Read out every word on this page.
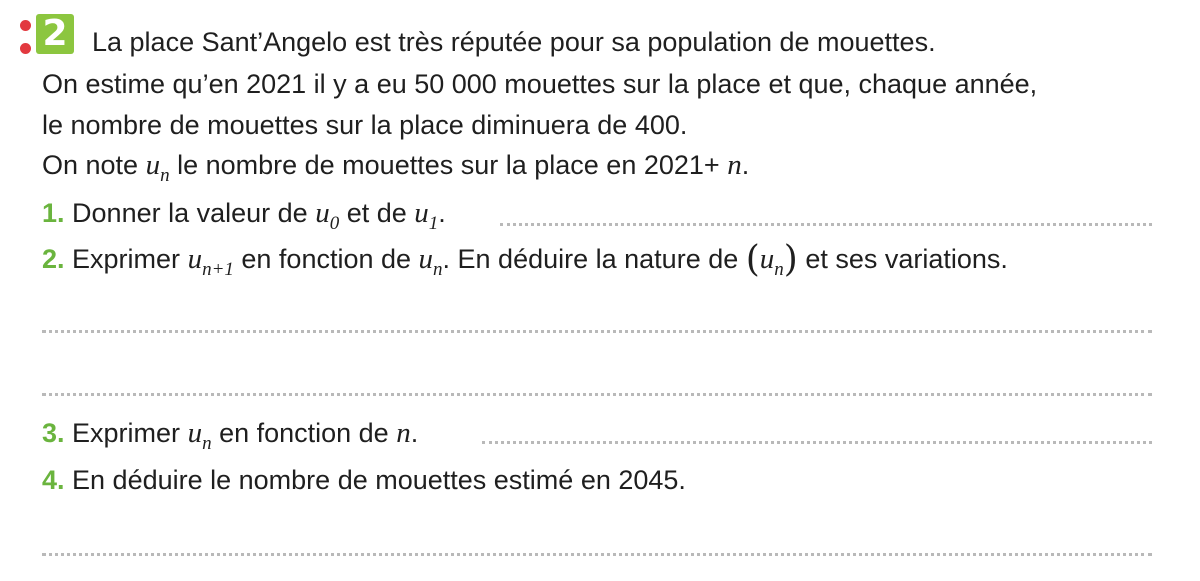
2 La place Sant’Angelo est très réputée pour sa population de mouettes.
On estime qu’en 2021 il y a eu 50 000 mouettes sur la place et que, chaque année,
le nombre de mouettes sur la place diminuera de 400.
On note $u_n$ le nombre de mouettes sur la place en 2021+ n.
1. Donner la valeur de $u_0$ et de $u_1$.
2. Exprimer $u_{n+1}$ en fonction de $u_n$. En déduire la nature de $(u_n)$ et ses variations.
3. Exprimer $u_n$ en fonction de n.
4. En déduire le nombre de mouettes estimé en 2045.
